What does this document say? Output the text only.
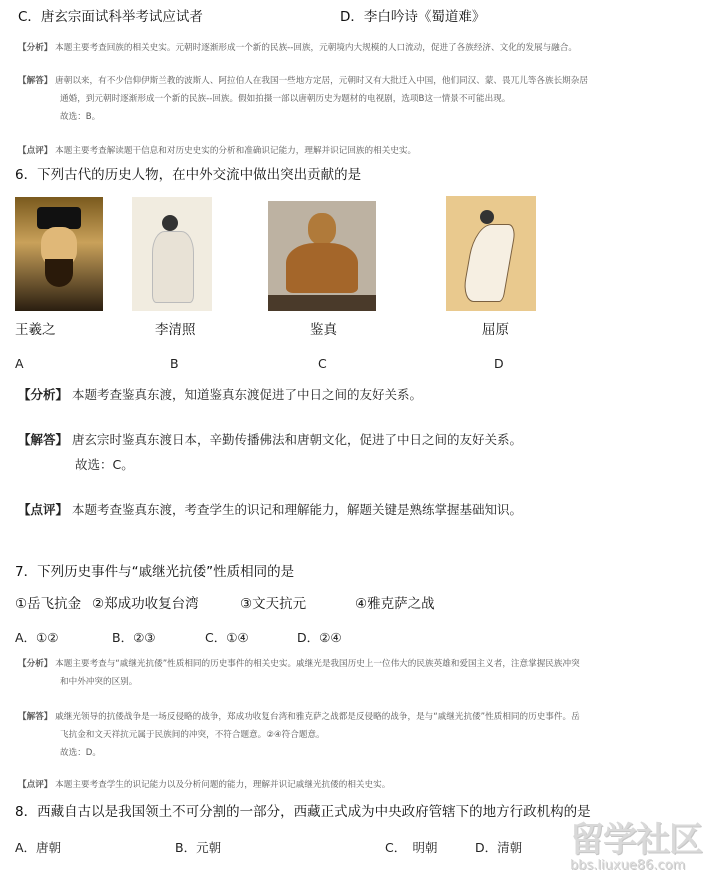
C．唐玄宗面试科举考试应试者	D．李白吟诗《蜀道难》
【分析】 本题主要考查回族的相关史实。元朝时逐渐形成一个新的民族--回族，元朝境内大规模的人口流动，促进了各族经济、文化的发展与融合。
【解答】 唐朝以来，有不少信仰伊斯兰教的波斯人、阿拉伯人在我国一些地方定居，元朝时又有大批迁入中国，他们同汉、蒙、畏兀儿等各族长期杂居
通婚，到元朝时逐渐形成一个新的民族--回族。假如拍摄一部以唐朝历史为题材的电视剧，选项B这一情景不可能出现。
故选：B。
【点评】 本题主要考查解读题干信息和对历史史实的分析和准确识记能力，理解并识记回族的相关史实。
6．下列古代的历史人物，在中外交流中做出突出贡献的是
王羲之	李清照	鉴真	屈原
A	B	C	D
【分析】 本题考查鉴真东渡，知道鉴真东渡促进了中日之间的友好关系。
【解答】 唐玄宗时鉴真东渡日本，辛勤传播佛法和唐朝文化，促进了中日之间的友好关系。
故选：C。
【点评】 本题考查鉴真东渡，考查学生的识记和理解能力，解题关键是熟练掌握基础知识。
7．下列历史事件与“戚继光抗倭”性质相同的是
①岳飞抗金 ②郑成功收复台湾	③文天抗元	④雅克萨之战
A．①②	B．②③	C．①④	D．②④
【分析】 本题主要考查与“戚继光抗倭”性质相同的历史事件的相关史实。戚继光是我国历史上一位伟大的民族英雄和爱国主义者，注意掌握民族冲突
和中外冲突的区别。
【解答】 戚继光领导的抗倭战争是一场反侵略的战争，郑成功收复台湾和雅克萨之战都是反侵略的战争，是与“戚继光抗倭”性质相同的历史事件。岳
飞抗金和文天祥抗元属于民族间的冲突，不符合题意。②④符合题意。
故选：D。
【点评】 本题主要考查学生的识记能力以及分析问题的能力，理解并识记戚继光抗倭的相关史实。
8．西藏自古以是我国领土不可分割的一部分，西藏正式成为中央政府管辖下的地方行政机构的是
A．唐朝	B．元朝	C．　明朝	D．清朝 留学社区
bbs.liuxue86.com
